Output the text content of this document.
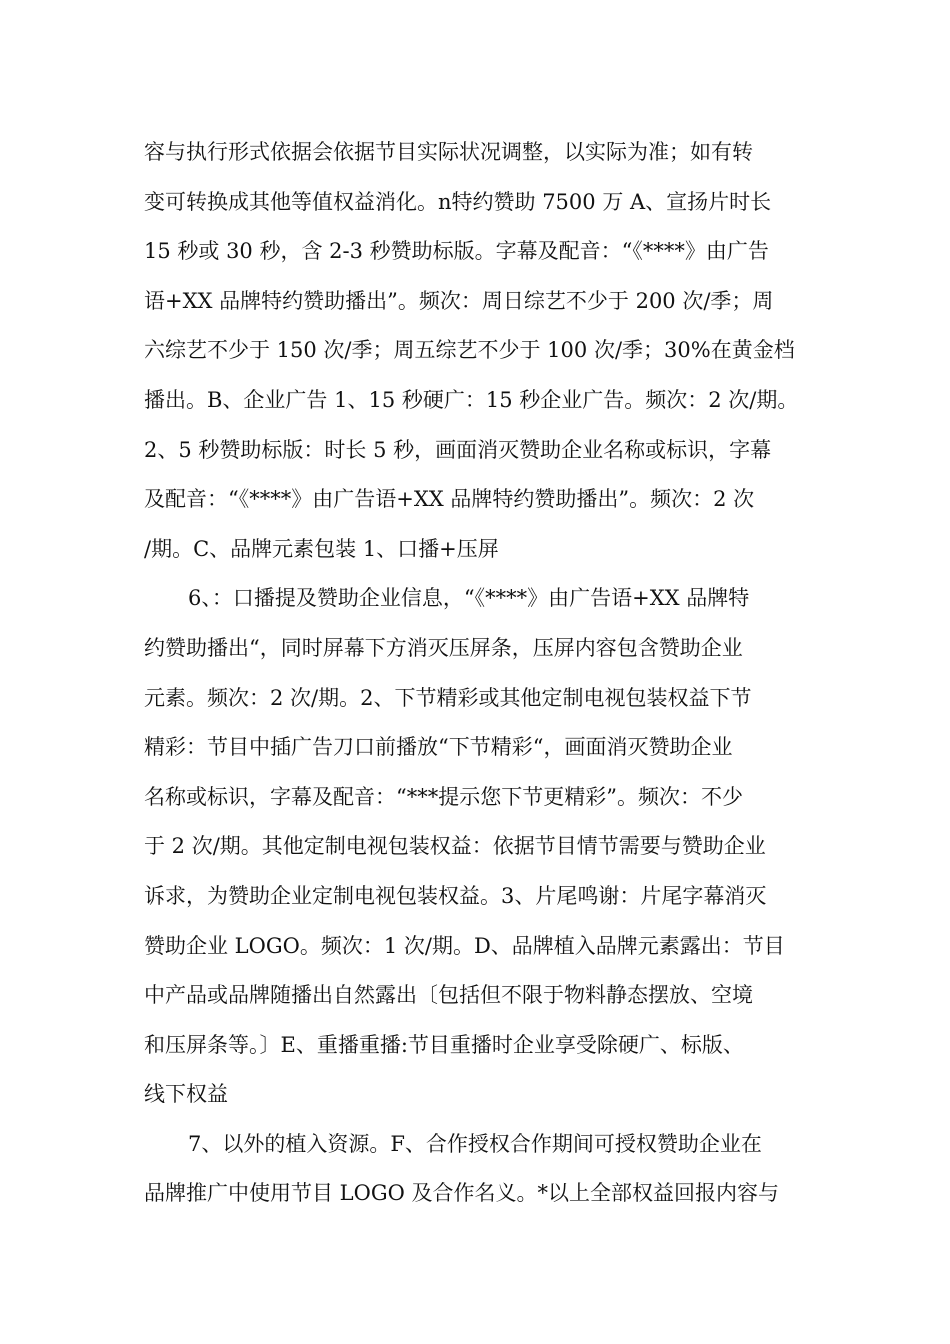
容与执行形式依据会依据节目实际状况调整，以实际为准；如有转
变可转换成其他等值权益消化。n特约赞助 7500 万 A、宣扬片时长
15 秒或 30 秒，含 2-3 秒赞助标版。字幕及配音：“《****》由广告
语+XX 品牌特约赞助播出”。频次：周日综艺不少于 200 次/季；周
六综艺不少于 150 次/季；周五综艺不少于 100 次/季；30%在黄金档
播出。B、企业广告 1、15 秒硬广：15 秒企业广告。频次：2 次/期。
2、5 秒赞助标版：时长 5 秒，画面消灭赞助企业名称或标识，字幕
及配音：“《****》由广告语+XX 品牌特约赞助播出”。频次：2 次
/期。C、品牌元素包装 1、口播+压屏
6、：口播提及赞助企业信息，“《****》由广告语+XX 品牌特
约赞助播出“，同时屏幕下方消灭压屏条，压屏内容包含赞助企业
元素。频次：2 次/期。2、下节精彩或其他定制电视包装权益下节
精彩：节目中插广告刀口前播放“下节精彩“，画面消灭赞助企业
名称或标识，字幕及配音：“***提示您下节更精彩”。频次：不少
于 2 次/期。其他定制电视包装权益：依据节目情节需要与赞助企业
诉求，为赞助企业定制电视包装权益。3、片尾鸣谢：片尾字幕消灭
赞助企业 LOGO。频次：1 次/期。D、品牌植入品牌元素露出：节目
中产品或品牌随播出自然露出〔包括但不限于物料静态摆放、空境
和压屏条等。〕E、重播重播:节目重播时企业享受除硬广、标版、
线下权益
7、以外的植入资源。F、合作授权合作期间可授权赞助企业在
品牌推广中使用节目 LOGO 及合作名义。*以上全部权益回报内容与
